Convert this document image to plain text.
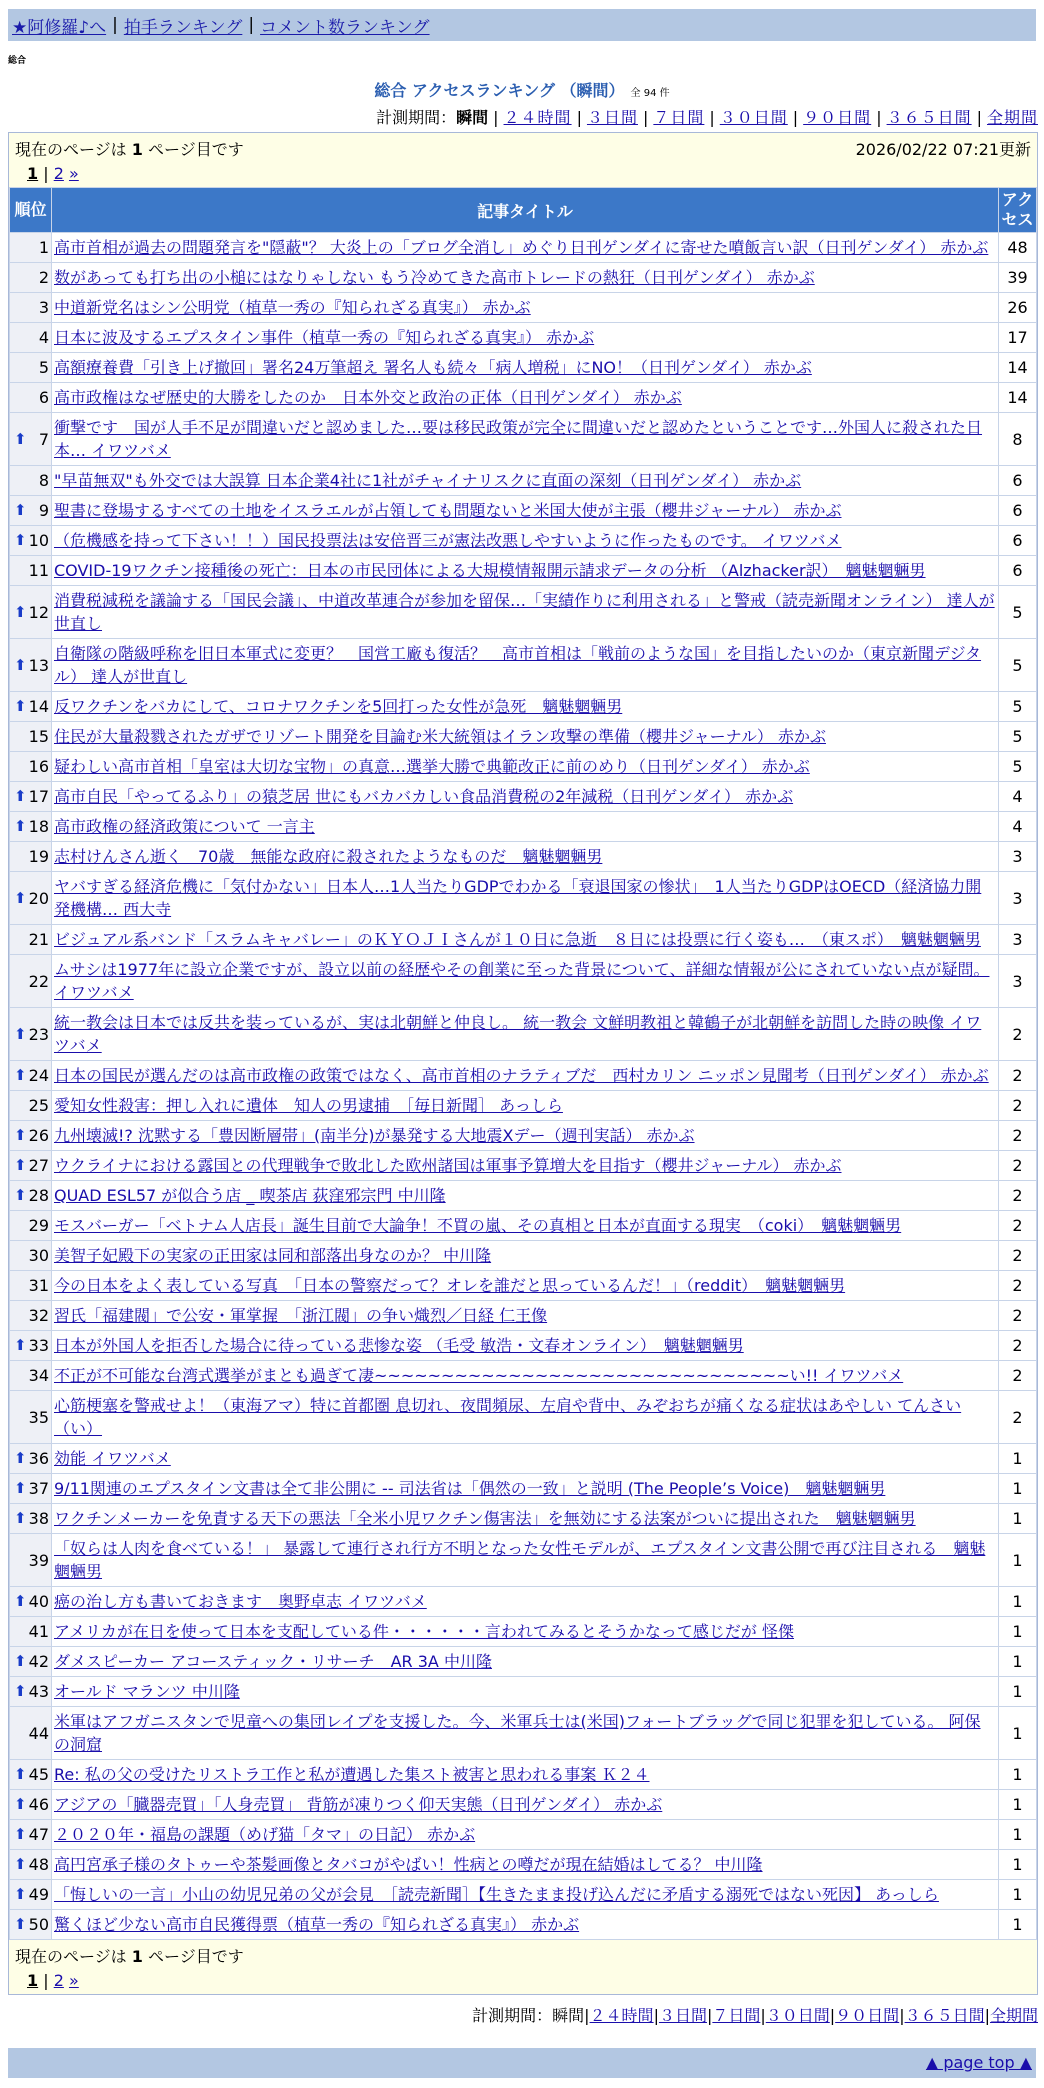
★阿修羅♪へ | 拍手ランキング | コメント数ランキング
総合
総合 アクセスランキング （瞬間） 全 94 件
計測期間：瞬間 | ２４時間 | ３日間 | ７日間 | ３０日間 | ９０日間 | ３６５日間 | 全期間
現在のページは 1 ページ目です	2026/02/22 07:21更新
1 | 2 »
順位	記事タイトル	アクセス
1	高市首相が過去の問題発言を"隠蔽"？ 大炎上の「ブログ全消し」めぐり日刊ゲンダイに寄せた噴飯言い訳（日刊ゲンダイ） 赤かぶ	48
2	数があっても打ち出の小槌にはなりゃしない もう冷めてきた高市トレードの熱狂（日刊ゲンダイ） 赤かぶ	39
3	中道新党名はシン公明党（植草一秀の『知られざる真実』） 赤かぶ	26
4	日本に波及するエプスタイン事件（植草一秀の『知られざる真実』） 赤かぶ	17
5	高額療養費「引き上げ撤回」署名24万筆超え 署名人も続々「病人増税」にNO！（日刊ゲンダイ） 赤かぶ	14
6	高市政権はなぜ歴史的大勝をしたのか　日本外交と政治の正体（日刊ゲンダイ） 赤かぶ	14

⬆ 7	衝撃です　国が人手不足が間違いだと認めました…要は移民政策が完全に間違いだと認めたということです…外国人に殺された日本… イワツバメ	8
8	"早苗無双"も外交では大誤算 日本企業4社に1社がチャイナリスクに直面の深刻（日刊ゲンダイ） 赤かぶ	6

⬆ 9	聖書に登場するすべての土地をイスラエルが占領しても問題ないと米国大使が主張（櫻井ジャーナル） 赤かぶ	6

⬆ 10	（危機感を持って下さい！！）国民投票法は安倍晋三が憲法改悪しやすいように作ったものです。 イワツバメ	6
11	COVID-19ワクチン接種後の死亡：日本の市民団体による大規模情報開示請求データの分析 （Alzhacker訳）　魑魅魍魎男	6

⬆ 12	消費税減税を議論する「国民会議」、中道改革連合が参加を留保…「実績作りに利用される」と警戒（読売新聞オンライン） 達人が世直し	5

⬆ 13	自衛隊の階級呼称を旧日本軍式に変更？　国営工廠も復活？　高市首相は「戦前のような国」を目指したいのか（東京新聞デジタル） 達人が世直し	5

⬆ 14	反ワクチンをバカにして、コロナワクチンを5回打った女性が急死　魑魅魍魎男	5
15	住民が大量殺戮されたガザでリゾート開発を目論む米大統領はイラン攻撃の準備（櫻井ジャーナル） 赤かぶ	5
16	疑わしい高市首相「皇室は大切な宝物」の真意…選挙大勝で典範改正に前のめり（日刊ゲンダイ） 赤かぶ	5

⬆ 17	高市自民「やってるふり」の猿芝居 世にもバカバカしい食品消費税の2年減税（日刊ゲンダイ） 赤かぶ	4

⬆ 18	高市政権の経済政策について 一言主	4
19	志村けんさん逝く　70歳　無能な政府に殺されたようなものだ　魑魅魍魎男	3

⬆ 20	ヤバすぎる経済危機に「気付かない」日本人…1人当たりGDPでわかる「衰退国家の惨状」　1人当たりGDPはOECD（経済協力開発機構… 西大寺	3
21	ビジュアル系バンド「スラムキャバレー」のＫＹＯＪＩさんが１０日に急逝　８日には投票に行く姿も…　（東スポ）　魑魅魍魎男	3
22	ムサシは1977年に設立企業ですが、設立以前の経歴やその創業に至った背景について、詳細な情報が公にされていない点が疑問。 イワツバメ	3

⬆ 23	統一教会は日本では反共を装っているが、実は北朝鮮と仲良し。 統一教会 文鮮明教祖と韓鶴子が北朝鮮を訪問した時の映像 イワツバメ	2

⬆ 24	日本の国民が選んだのは高市政権の政策ではなく、高市首相のナラティブだ　西村カリン ニッポン見聞考（日刊ゲンダイ） 赤かぶ	2
25	愛知女性殺害：押し入れに遺体　知人の男逮捕　［毎日新聞］ あっしら	2

⬆ 26	九州壊滅!? 沈黙する「豊因断層帯」(南半分)が暴発する大地震Xデー（週刊実話） 赤かぶ	2

⬆ 27	ウクライナにおける露国との代理戦争で敗北した欧州諸国は軍事予算増大を目指す（櫻井ジャーナル） 赤かぶ	2

⬆ 28	QUAD ESL57 が似合う店 _ 喫茶店 荻窪邪宗門 中川隆	2
29	モスバーガー「ベトナム人店長」誕生目前で大論争！不買の嵐、その真相と日本が直面する現実　（coki）　魑魅魍魎男	2
30	美智子妃殿下の実家の正田家は同和部落出身なのか？ 中川隆	2
31	今の日本をよく表している写真　「日本の警察だって？オレを誰だと思っているんだ！」（reddit）　魑魅魍魎男	2
32	習氏「福建閥」で公安・軍掌握　「浙江閥」の争い熾烈／日経 仁王像	2

⬆ 33	日本が外国人を拒否した場合に待っている悲惨な姿 （毛受 敏浩・文春オンライン）　魑魅魍魎男	2
34	不正が不可能な台湾式選挙がまとも過ぎて凄~~~~~~~~~~~~~~~~~~~~~~~~~~~~~~~い!! イワツバメ	2
35	心筋梗塞を警戒せよ！（東海アマ）特に首都圏 息切れ、夜間頻尿、左肩や背中、みぞおちが痛くなる症状はあやしい てんさい（い）	2

⬆ 36	効能 イワツバメ	1

⬆ 37	9/11関連のエプスタイン文書は全て非公開に -- 司法省は「偶然の一致」と説明 (The People’s Voice)　魑魅魍魎男	1

⬆ 38	ワクチンメーカーを免責する天下の悪法「全米小児ワクチン傷害法」を無効にする法案がついに提出された　魑魅魍魎男	1
39	「奴らは人肉を食べている！」 暴露して連行され行方不明となった女性モデルが、エプスタイン文書公開で再び注目される　魑魅魍魎男	1

⬆ 40	癌の治し方も書いておきます　奥野卓志 イワツバメ	1
41	アメリカが在日を使って日本を支配している件・・・・・・言われてみるとそうかなって感じだが 怪傑	1

⬆ 42	ダメスピーカー アコースティック・リサーチ　AR 3A 中川隆	1

⬆ 43	オールド マランツ 中川隆	1
44	米軍はアフガニスタンで児童への集団レイプを支援した。今、米軍兵士は(米国)フォートブラッグで同じ犯罪を犯している。 阿保の洞窟	1

⬆ 45	Re: 私の父の受けたリストラ工作と私が遭遇した集スト被害と思われる事案 Ｋ２４	1

⬆ 46	アジアの「臓器売買」「人身売買」 背筋が凍りつく仰天実態（日刊ゲンダイ） 赤かぶ	1

⬆ 47	２０２０年・福島の課題（めげ猫「タマ」の日記） 赤かぶ	1

⬆ 48	高円宮承子様のタトゥーや茶髪画像とタバコがやばい！性病との噂だが現在結婚はしてる？ 中川隆	1

⬆ 49	「悔しいの一言」小山の幼児兄弟の父が会見　［読売新聞］【生きたまま投げ込んだに矛盾する溺死ではない死因】 あっしら	1

⬆ 50	驚くほど少ない高市自民獲得票（植草一秀の『知られざる真実』） 赤かぶ	1
現在のページは 1 ページ目です
1 | 2 »
計測期間：瞬間|２４時間|３日間|７日間|３０日間|９０日間|３６５日間|全期間
▲ page top ▲
